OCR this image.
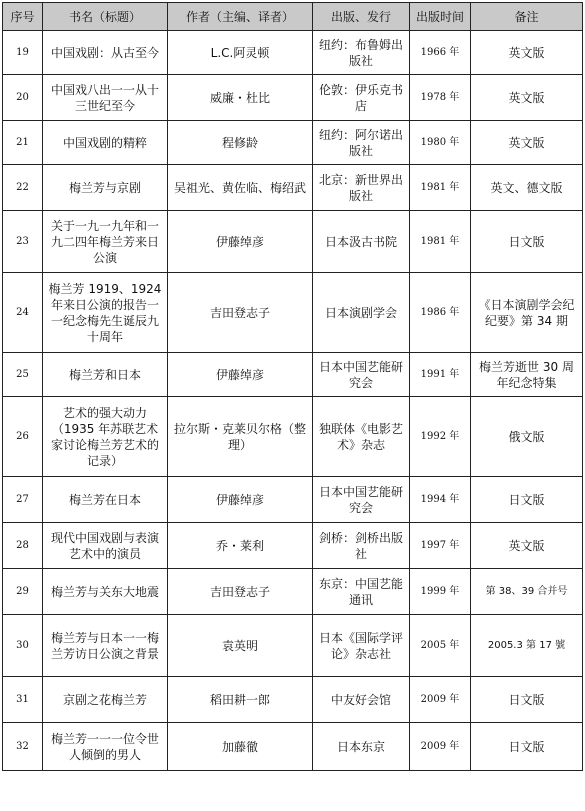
序号	书名（标题）	作者（主编、译者）	出版、发行	出版时间	备注
19	中国戏剧：从古至今	L.C.阿灵顿	纽约：布鲁姆出版社	1966 年	英文版
20	中国戏八出一一从十三世纪至今	威廉・杜比	伦敦：伊乐克书店	1978 年	英文版
21	中国戏剧的精粹	程修龄	纽约：阿尔诺出版社	1980 年	英文版
22	梅兰芳与京剧	吴祖光、黄佐临、梅绍武	北京：新世界出版社	1981 年	英文、德文版
23	关于一九一九年和一九二四年梅兰芳来日公演	伊藤绰彦	日本汲古书院	1981 年	日文版
24	梅兰芳 1919、1924 年来日公演的报告一一纪念梅先生诞辰九十周年	吉田登志子	日本演剧学会	1986 年	《日本演剧学会纪纪要》第 34 期
25	梅兰芳和日本	伊藤绰彦	日本中国艺能研究会	1991 年	梅兰芳逝世 30 周年纪念特集
26	艺术的强大动力（1935 年苏联艺术家讨论梅兰芳艺术的记录）	拉尔斯・克莱贝尔格（整理）	独联体《电影艺术》杂志	1992 年	俄文版
27	梅兰芳在日本	伊藤绰彦	日本中国艺能研究会	1994 年	日文版
28	现代中国戏剧与表演艺术中的演员	乔・莱利	剑桥：剑桥出版社	1997 年	英文版
29	梅兰芳与关东大地震	吉田登志子	东京：中国艺能通讯	1999 年	第 38、39 合并号
30	梅兰芳与日本一一梅兰芳访日公演之背景	袁英明	日本《国际学评论》杂志社	2005 年	2005.3 第 17 號
31	京剧之花梅兰芳	稻田耕一郎	中友好会馆	2009 年	日文版
32	梅兰芳一一一位令世人倾倒的男人	加藤徹	日本东京	2009 年	日文版
